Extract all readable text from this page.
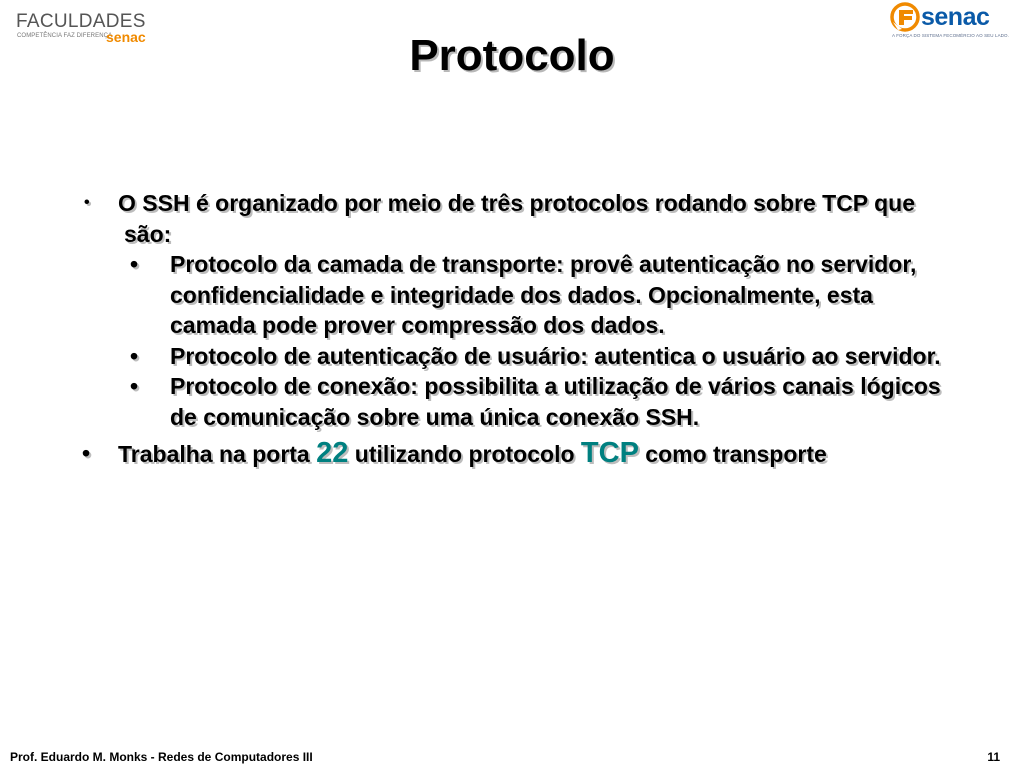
FACULDADES
COMPETÊNCIA FAZ DIFERENÇA
senac
senac
A FORÇA DO SISTEMA FECOMÉRCIO AO SEU LADO.
Protocolo
• O SSH é organizado por meio de três protocolos rodando sobre TCP que são:
• Protocolo da camada de transporte: provê autenticação no servidor, confidencialidade e integridade dos dados. Opcionalmente, esta camada pode prover compressão dos dados.
• Protocolo de autenticação de usuário: autentica o usuário ao servidor.
• Protocolo de conexão: possibilita a utilização de vários canais lógicos de comunicação sobre uma única conexão SSH.
• Trabalha na porta 22 utilizando protocolo TCP como transporte
Prof. Eduardo M. Monks - Redes de Computadores III	11
